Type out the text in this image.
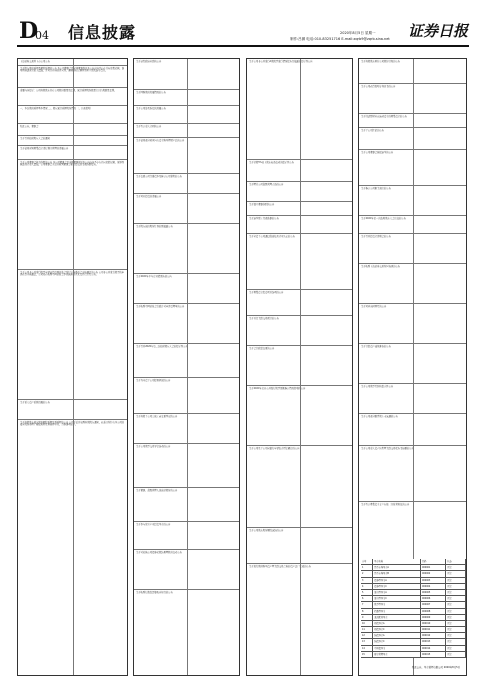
D
04 信息披露	2020年8月5日 星期一
制作:吕渊 电话:010-83251716 E-mail:zqrb9@zqrb.sina.net 证券日报
上海证券交易所上市公司公告
关于股东股份质押及解除质押的公告 本公司董事会及全体董事保证本公告内容不存在任何虚假记载、误导性陈述或者重大遗漏，并对其内容的真实性、准确性和完整性承担个别及连带责任。
重要内容提示：公司控股股东持有公司股份数量及比例，累计质押股份数量占其持股数量比例。
一、本次股份质押基本情况 二、股东累计质押股份情况 三、其他说明
特此公告。董事会
关于召开临时股东大会的通知
关于使用闲置募集资金进行现金管理的进展公告
关于公司董事会秘书辞职的公告 本公司董事会及全体董事保证本公告内容不存在任何虚假记载、误导性陈述或者重大遗漏。公司董事会于近日收到董事会秘书提交的书面辞职报告。
关于公司非公开发行股票申请获得中国证监会发行审核委员会审核通过的公告 公司非公开发行股票的申请获得审核通过，公司将在收到中国证监会予以核准的正式文件后另行公告。
关于重大资产重组进展的公告
关于控股股东部分股份解除质押及再质押的公告 公司于近日接到控股股东通知，获悉其所持有本公司的部分股份办理了解除质押及再质押手续，具体事项如下。
关于获得政府补助的公告
关于回购股份进展情况的公告
关于公司涉及诉讼的进展公告
关于签订重大合同的公告
关于使用部分闲置自有资金购买理财产品的公告
关于变更公司注册资本及修订公司章程的公告
关于对外投资的进展公告
关于股东减持股份计划的预披露公告
关于2020年半年度业绩预告的公告
关于收到中国证监会行政许可申请受理单的公告
关于召开2020年第二次临时股东大会的提示性公告
关于为全资子公司提供担保的公告
关于控股子公司完成工商变更登记的公告
关于公司股票交易异常波动的公告
关于董事、高级管理人员减持股份的公告
关于参与设立产业投资基金的公告
关于可转换公司债券转股结果暨股份变动公告
关于收到行政处罚事先告知书的公告
关于公司非公开发行A股股票发行情况报告书披露的提示性公告
关于持股5%以上股东权益变动的提示性公告
关于聘任公司高级管理人员的公告
关于独立董事辞职的公告
关于选举职工代表监事的公告
关于全资子公司通过高新技术企业认定的公告
关于募集资金投资项目结项的公告
关于日常关联交易预计的公告
关于会计政策变更的公告
关于2020年度非公开发行股票预案修订情况说明的公告
关于公司及子公司向银行申请综合授信额度的公告
关于公司股东股份解除冻结的公告
关于发行股份购买资产暨关联交易之标的资产过户完成的公告
关于控股股东增持公司股份计划的公告
关于公司获得发明专利证书的公告
关于归还暂时补充流动资金的募集资金的公告
关于子公司注销的公告
关于公司董事会换届选举的公告
关于修订公司相关制度的公告
关于2020年第一次临时股东大会决议的公告
关于召开投资者说明会的公告
关于收到上海证券交易所问询函的公告
关于对问询函回复的公告
关于计提资产减值准备的公告
关于公司股票复牌的提示性公告
关于公司部分限售股上市流通的公告
关于公司重大资产出售暨关联交易报告书摘要的公告
关于签订募集资金专户存储三方监管协议的公告
序号	基金名称	代码	状态
1	货币市场基金A	000001	正常
2	货币市场基金B	000002	正常
3	债券型基金A	000003	正常
4	债券型基金C	000004	正常
5	混合型基金A	000005	正常
6	混合型基金C	000006	正常
7	股票型基金	000007	正常
8	指数型基金	000008	正常
9	灵活配置基金	000009	正常
10	短债基金A	000010	正常
11	短债基金C	000011	正常
12	纯债基金A	000012	正常
13	纯债基金C	000013	正常
14	中短债基金	000014	正常
15	现金管理基金	000015	正常
特此公告。基金管理有限公司 2020年8月5日
